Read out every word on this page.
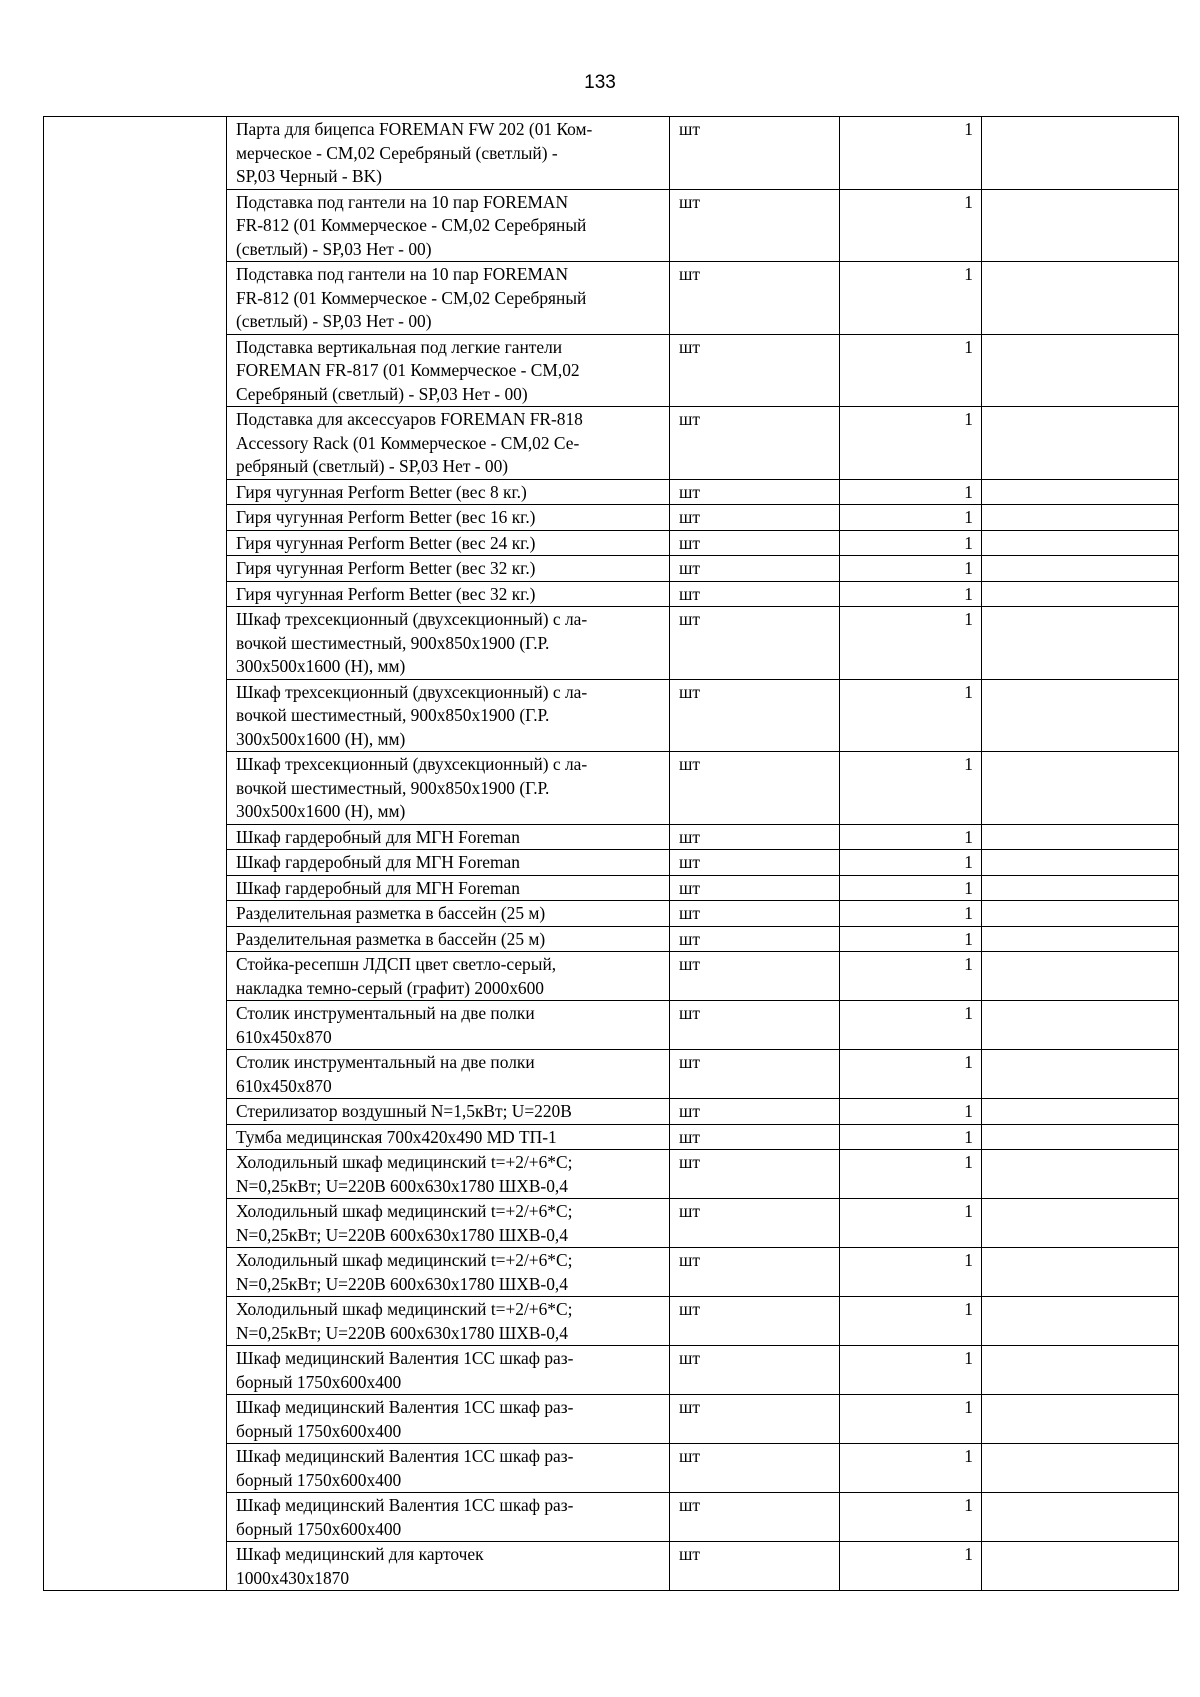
133
	Парта для бицепса FOREMAN FW 202 (01 Ком-
мерческое - CM,02 Серебряный (светлый) -
SP,03 Черный - BK)	шт	1	
	Подставка под гантели на 10 пар FOREMAN
FR-812 (01 Коммерческое - CM,02 Серебряный
(светлый) - SP,03 Нет - 00)	шт	1	
	Подставка под гантели на 10 пар FOREMAN
FR-812 (01 Коммерческое - CM,02 Серебряный
(светлый) - SP,03 Нет - 00)	шт	1	
	Подставка вертикальная под легкие гантели
FOREMAN FR-817 (01 Коммерческое - CM,02
Серебряный (светлый) - SP,03 Нет - 00)	шт	1	
	Подставка для аксессуаров FOREMAN FR-818
Accessory Rack (01 Коммерческое - CM,02 Се-
ребряный (светлый) - SP,03 Нет - 00)	шт	1	
	Гиря чугунная Perform Better (вес 8 кг.)	шт	1	
	Гиря чугунная Perform Better (вес 16 кг.)	шт	1	
	Гиря чугунная Perform Better (вес 24 кг.)	шт	1	
	Гиря чугунная Perform Better (вес 32 кг.)	шт	1	
	Гиря чугунная Perform Better (вес 32 кг.)	шт	1	
	Шкаф трехсекционный (двухсекционный) с ла-
вочкой шестиместный, 900х850х1900 (Г.Р.
300х500х1600 (Н), мм)	шт	1	
	Шкаф трехсекционный (двухсекционный) с ла-
вочкой шестиместный, 900х850х1900 (Г.Р.
300х500х1600 (Н), мм)	шт	1	
	Шкаф трехсекционный (двухсекционный) с ла-
вочкой шестиместный, 900х850х1900 (Г.Р.
300х500х1600 (Н), мм)	шт	1	
	Шкаф гардеробный для МГН Foreman	шт	1	
	Шкаф гардеробный для МГН Foreman	шт	1	
	Шкаф гардеробный для МГН Foreman	шт	1	
	Разделительная разметка в бассейн (25 м)	шт	1	
	Разделительная разметка в бассейн (25 м)	шт	1	
	Стойка-ресепшн ЛДСП цвет светло-серый,
накладка темно-серый (графит) 2000х600	шт	1	
	Столик инструментальный на две полки
610х450х870	шт	1	
	Столик инструментальный на две полки
610х450х870	шт	1	
	Стерилизатор воздушный N=1,5кВт; U=220В	шт	1	
	Тумба медицинская 700х420х490 MD ТП-1	шт	1	
	Холодильный шкаф медицинский t=+2/+6*С;
N=0,25кВт; U=220В 600х630х1780 ШХВ-0,4	шт	1	
	Холодильный шкаф медицинский t=+2/+6*С;
N=0,25кВт; U=220В 600х630х1780 ШХВ-0,4	шт	1	
	Холодильный шкаф медицинский t=+2/+6*С;
N=0,25кВт; U=220В 600х630х1780 ШХВ-0,4	шт	1	
	Холодильный шкаф медицинский t=+2/+6*С;
N=0,25кВт; U=220В 600х630х1780 ШХВ-0,4	шт	1	
	Шкаф медицинский Валентия 1СС шкаф раз-
борный 1750х600х400	шт	1	
	Шкаф медицинский Валентия 1СС шкаф раз-
борный 1750х600х400	шт	1	
	Шкаф медицинский Валентия 1СС шкаф раз-
борный 1750х600х400	шт	1	
	Шкаф медицинский Валентия 1СС шкаф раз-
борный 1750х600х400	шт	1	
	Шкаф медицинский для карточек
1000х430х1870	шт	1	
